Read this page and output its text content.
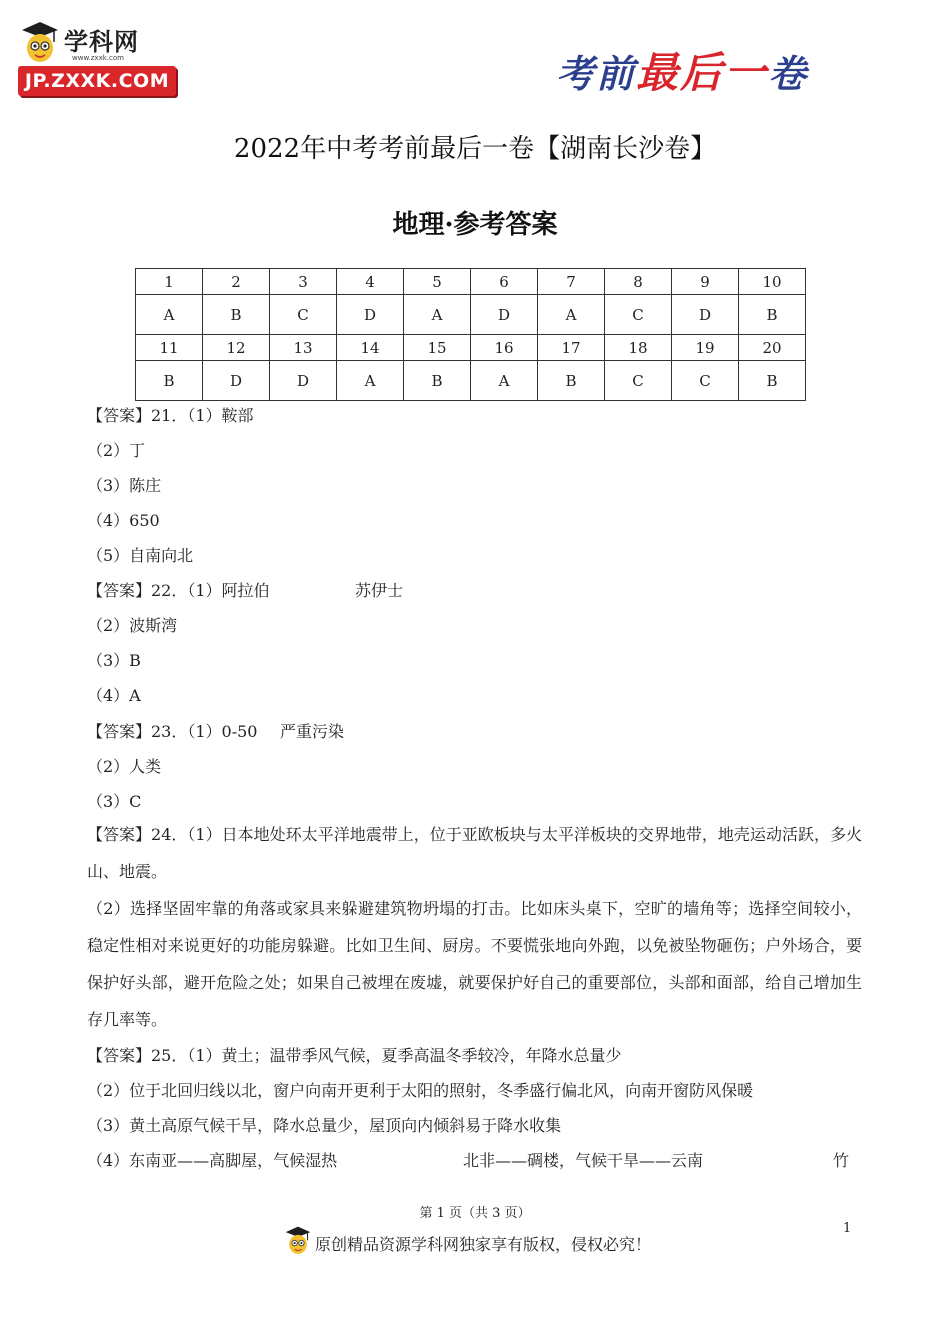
学科网
www.zxxk.com
JP.ZXXK.COM	考前最后一卷
2022年中考考前最后一卷【湖南长沙卷】
地理·参考答案
1	2	3	4	5	6	7	8	9	10
A	B	C	D	A	D	A	C	D	B
11	12	13	14	15	16	17	18	19	20
B	D	D	A	B	A	B	C	C	B
【答案】21．（1）鞍部
（2）丁
（3）陈庄
（4）650
（5）自南向北
【答案】22．（1）阿拉伯	苏伊士
（2）波斯湾
（3）B
（4）A
【答案】23．（1）0-50 严重污染
（2）人类
（3）C
【答案】24．（1）日本地处环太平洋地震带上，位于亚欧板块与太平洋板块的交界地带，地壳运动活跃，多火山、地震。
（2）选择坚固牢靠的角落或家具来躲避建筑物坍塌的打击。比如床头桌下，空旷的墙角等；选择空间较小，稳定性相对来说更好的功能房躲避。比如卫生间、厨房。不要慌张地向外跑，以免被坠物砸伤；户外场合，要保护好头部，避开危险之处；如果自己被埋在废墟，就要保护好自己的重要部位，头部和面部，给自己增加生存几率等。
【答案】25．（1）黄土；温带季风气候，夏季高温冬季较冷，年降水总量少
（2）位于北回归线以北，窗户向南开更利于太阳的照射，冬季盛行偏北风，向南开窗防风保暖
（3）黄土高原气候干旱，降水总量少，屋顶向内倾斜易于降水收集
（4）东南亚——高脚屋，气候湿热	北非——碉楼，气候干旱——云南	竹
第 1 页（共 3 页）
1
原创精品资源学科网独家享有版权，侵权必究！
